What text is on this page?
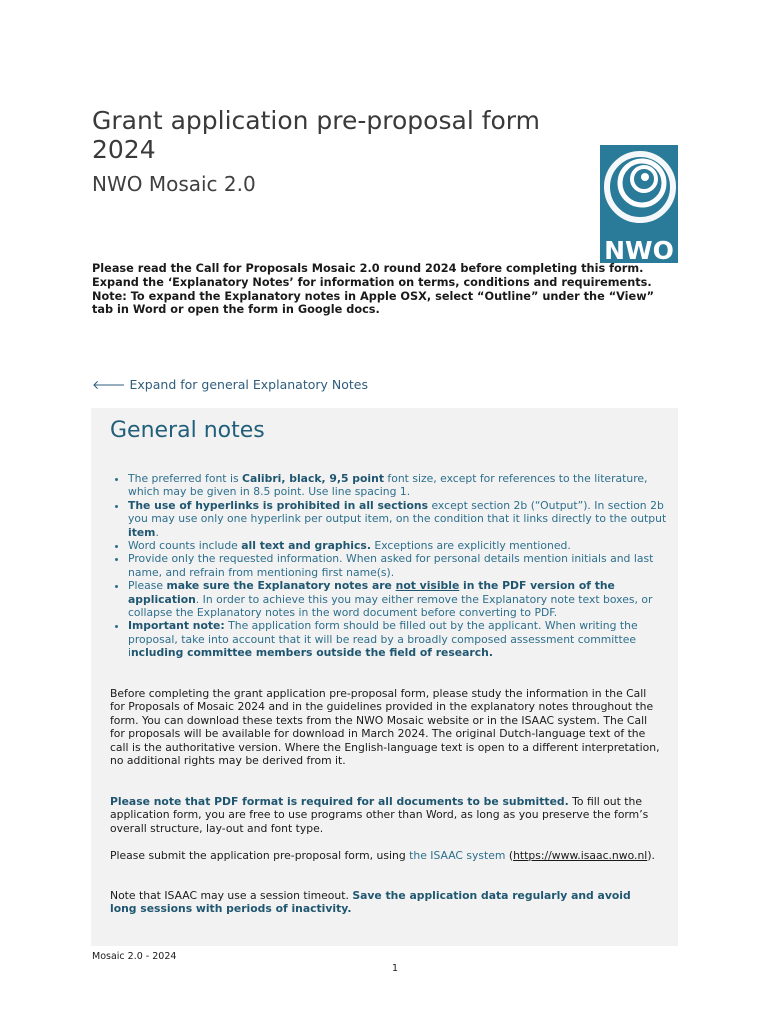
Grant application pre-proposal form 2024
NWO Mosaic 2.0
NWO

Please read the Call for Proposals Mosaic 2.0 round 2024 before completing this form.

Expand the ‘Explanatory Notes’ for information on terms, conditions and requirements.

Note: To expand the Explanatory notes in Apple OSX, select “Outline” under the “View” tab in Word or open the form in Google docs.

🡐 Expand for general Explanatory Notes
General notes
• The preferred font is Calibri, black, 9,5 point font size, except for references to the literature, which may be given in 8.5 point. Use line spacing 1.
• The use of hyperlinks is prohibited in all sections except section 2b (“Output”). In section 2b you may use only one hyperlink per output item, on the condition that it links directly to the output item.
• Word counts include all text and graphics. Exceptions are explicitly mentioned.
• Provide only the requested information. When asked for personal details mention initials and last name, and refrain from mentioning first name(s).
• Please make sure the Explanatory notes are not visible in the PDF version of the application. In order to achieve this you may either remove the Explanatory note text boxes, or collapse the Explanatory notes in the word document before converting to PDF.
• Important note: The application form should be filled out by the applicant. When writing the proposal, take into account that it will be read by a broadly composed assessment committee including committee members outside the field of research.

Before completing the grant application pre-proposal form, please study the information in the Call for Proposals of Mosaic 2024 and in the guidelines provided in the explanatory notes throughout the form. You can download these texts from the NWO Mosaic website or in the ISAAC system. The Call for proposals will be available for download in March 2024. The original Dutch-language text of the call is the authoritative version. Where the English-language text is open to a different interpretation, no additional rights may be derived from it.

Please note that PDF format is required for all documents to be submitted. To fill out the application form, you are free to use programs other than Word, as long as you preserve the form’s overall structure, lay-out and font type.

Please submit the application pre-proposal form, using the ISAAC system (https://www.isaac.nwo.nl).

Note that ISAAC may use a session timeout. Save the application data regularly and avoid long sessions with periods of inactivity.

Mosaic 2.0 - 2024
1
